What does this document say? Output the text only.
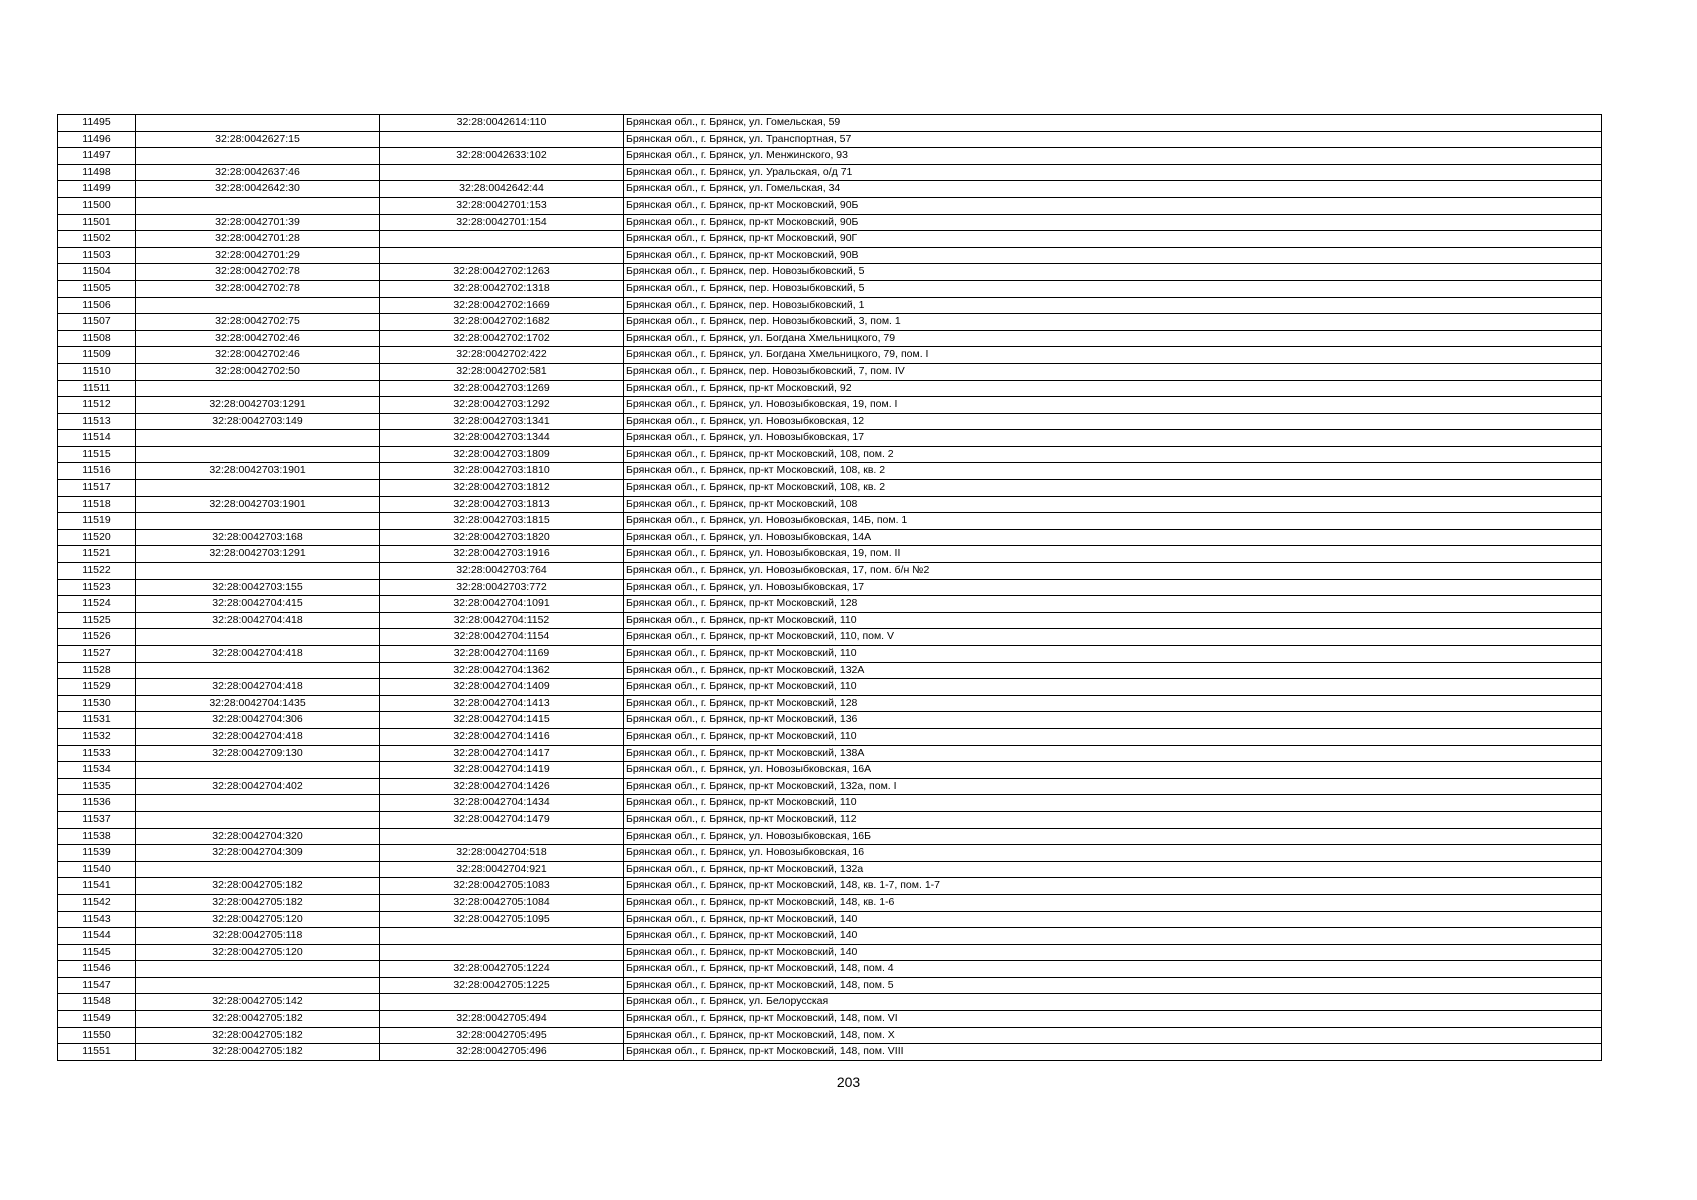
11495		32:28:0042614:110	Брянская обл., г. Брянск, ул. Гомельская, 59
11496	32:28:0042627:15		Брянская обл., г. Брянск, ул. Транспортная, 57
11497		32:28:0042633:102	Брянская обл., г. Брянск, ул. Менжинского, 93
11498	32:28:0042637:46		Брянская обл., г. Брянск, ул. Уральская, о/д 71
11499	32:28:0042642:30	32:28:0042642:44	Брянская обл., г. Брянск, ул. Гомельская, 34
11500		32:28:0042701:153	Брянская обл., г. Брянск, пр-кт Московский, 90Б
11501	32:28:0042701:39	32:28:0042701:154	Брянская обл., г. Брянск, пр-кт Московский, 90Б
11502	32:28:0042701:28		Брянская обл., г. Брянск, пр-кт Московский, 90Г
11503	32:28:0042701:29		Брянская обл., г. Брянск, пр-кт Московский, 90В
11504	32:28:0042702:78	32:28:0042702:1263	Брянская обл., г. Брянск, пер. Новозыбковский, 5
11505	32:28:0042702:78	32:28:0042702:1318	Брянская обл., г. Брянск, пер. Новозыбковский, 5
11506		32:28:0042702:1669	Брянская обл., г. Брянск, пер. Новозыбковский, 1
11507	32:28:0042702:75	32:28:0042702:1682	Брянская обл., г. Брянск, пер. Новозыбковский, 3, пом. 1
11508	32:28:0042702:46	32:28:0042702:1702	Брянская обл., г. Брянск, ул. Богдана Хмельницкого, 79
11509	32:28:0042702:46	32:28:0042702:422	Брянская обл., г. Брянск, ул. Богдана Хмельницкого, 79, пом. I
11510	32:28:0042702:50	32:28:0042702:581	Брянская обл., г. Брянск, пер. Новозыбковский, 7, пом. IV
11511		32:28:0042703:1269	Брянская обл., г. Брянск, пр-кт Московский, 92
11512	32:28:0042703:1291	32:28:0042703:1292	Брянская обл., г. Брянск, ул. Новозыбковская, 19, пом. I
11513	32:28:0042703:149	32:28:0042703:1341	Брянская обл., г. Брянск, ул. Новозыбковская, 12
11514		32:28:0042703:1344	Брянская обл., г. Брянск, ул. Новозыбковская, 17
11515		32:28:0042703:1809	Брянская обл., г. Брянск, пр-кт Московский, 108, пом. 2
11516	32:28:0042703:1901	32:28:0042703:1810	Брянская обл., г. Брянск, пр-кт Московский, 108, кв. 2
11517		32:28:0042703:1812	Брянская обл., г. Брянск, пр-кт Московский, 108, кв. 2
11518	32:28:0042703:1901	32:28:0042703:1813	Брянская обл., г. Брянск, пр-кт Московский, 108
11519		32:28:0042703:1815	Брянская обл., г. Брянск, ул. Новозыбковская, 14Б, пом. 1
11520	32:28:0042703:168	32:28:0042703:1820	Брянская обл., г. Брянск, ул. Новозыбковская, 14А
11521	32:28:0042703:1291	32:28:0042703:1916	Брянская обл., г. Брянск, ул. Новозыбковская, 19, пом. II
11522		32:28:0042703:764	Брянская обл., г. Брянск, ул. Новозыбковская, 17, пом. б/н №2
11523	32:28:0042703:155	32:28:0042703:772	Брянская обл., г. Брянск, ул. Новозыбковская, 17
11524	32:28:0042704:415	32:28:0042704:1091	Брянская обл., г. Брянск, пр-кт Московский, 128
11525	32:28:0042704:418	32:28:0042704:1152	Брянская обл., г. Брянск, пр-кт Московский, 110
11526		32:28:0042704:1154	Брянская обл., г. Брянск, пр-кт Московский, 110, пом. V
11527	32:28:0042704:418	32:28:0042704:1169	Брянская обл., г. Брянск, пр-кт Московский, 110
11528		32:28:0042704:1362	Брянская обл., г. Брянск, пр-кт Московский, 132А
11529	32:28:0042704:418	32:28:0042704:1409	Брянская обл., г. Брянск, пр-кт Московский, 110
11530	32:28:0042704:1435	32:28:0042704:1413	Брянская обл., г. Брянск, пр-кт Московский, 128
11531	32:28:0042704:306	32:28:0042704:1415	Брянская обл., г. Брянск, пр-кт Московский, 136
11532	32:28:0042704:418	32:28:0042704:1416	Брянская обл., г. Брянск, пр-кт Московский, 110
11533	32:28:0042709:130	32:28:0042704:1417	Брянская обл., г. Брянск, пр-кт Московский, 138А
11534		32:28:0042704:1419	Брянская обл., г. Брянск, ул. Новозыбковская, 16А
11535	32:28:0042704:402	32:28:0042704:1426	Брянская обл., г. Брянск, пр-кт Московский, 132а, пом. I
11536		32:28:0042704:1434	Брянская обл., г. Брянск, пр-кт Московский, 110
11537		32:28:0042704:1479	Брянская обл., г. Брянск, пр-кт Московский, 112
11538	32:28:0042704:320		Брянская обл., г. Брянск, ул. Новозыбковская, 16Б
11539	32:28:0042704:309	32:28:0042704:518	Брянская обл., г. Брянск, ул. Новозыбковская, 16
11540		32:28:0042704:921	Брянская обл., г. Брянск, пр-кт Московский, 132а
11541	32:28:0042705:182	32:28:0042705:1083	Брянская обл., г. Брянск, пр-кт Московский, 148, кв. 1-7, пом. 1-7
11542	32:28:0042705:182	32:28:0042705:1084	Брянская обл., г. Брянск, пр-кт Московский, 148, кв. 1-6
11543	32:28:0042705:120	32:28:0042705:1095	Брянская обл., г. Брянск, пр-кт Московский, 140
11544	32:28:0042705:118		Брянская обл., г. Брянск, пр-кт Московский, 140
11545	32:28:0042705:120		Брянская обл., г. Брянск, пр-кт Московский, 140
11546		32:28:0042705:1224	Брянская обл., г. Брянск, пр-кт Московский, 148, пом. 4
11547		32:28:0042705:1225	Брянская обл., г. Брянск, пр-кт Московский, 148, пом. 5
11548	32:28:0042705:142		Брянская обл., г. Брянск, ул. Белорусская
11549	32:28:0042705:182	32:28:0042705:494	Брянская обл., г. Брянск, пр-кт Московский, 148, пом. VI
11550	32:28:0042705:182	32:28:0042705:495	Брянская обл., г. Брянск, пр-кт Московский, 148, пом. X
11551	32:28:0042705:182	32:28:0042705:496	Брянская обл., г. Брянск, пр-кт Московский, 148, пом. VIII
203
